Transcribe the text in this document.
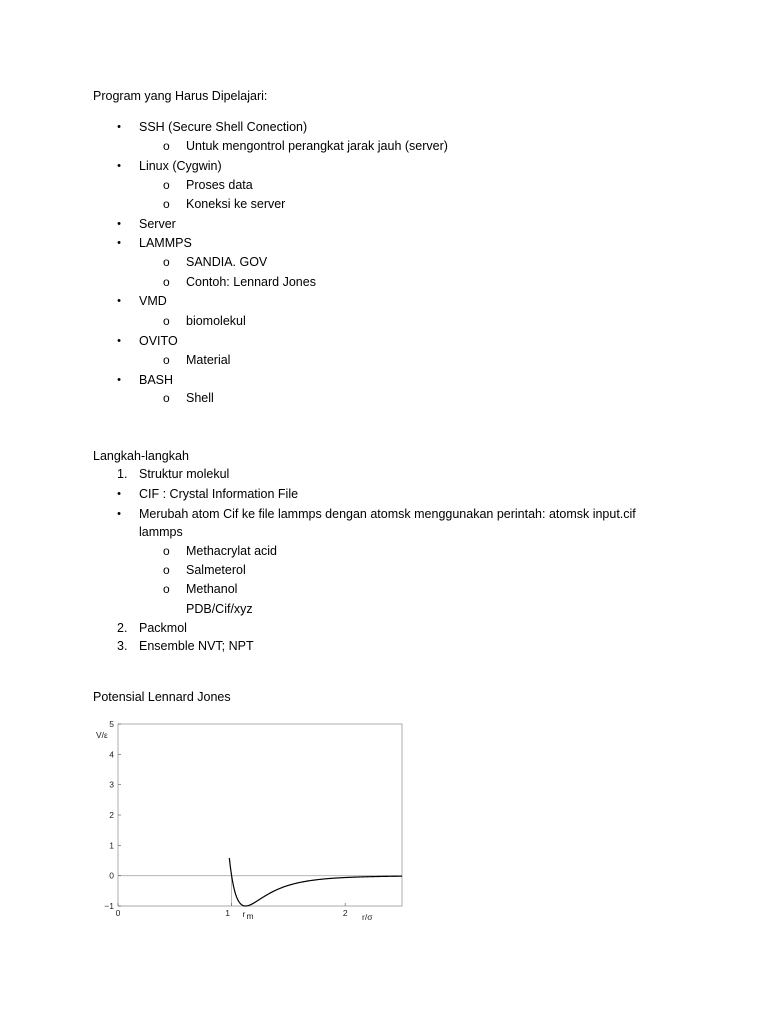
Program yang Harus Dipelajari:
•	SSH (Secure Shell Conection)
o Untuk mengontrol perangkat jarak jauh (server)
•	Linux (Cygwin)
o Proses data
o Koneksi ke server
•	Server
•	LAMMPS
o SANDIA. GOV
o Contoh: Lennard Jones
•	VMD
o biomolekul
•	OVITO
o Material
•	BASH
o Shell
Langkah-langkah
1. Struktur molekul
•	CIF : Crystal Information File
•	Merubah atom Cif ke file lammps dengan atomsk menggunakan perintah: atomsk input.cif
lammps
o Methacrylat acid
o Salmeterol
o Methanol
PDB/Cif/xyz
2. Packmol
3. Ensemble NVT; NPT
Potensial Lennard Jones
5
4
3
2
1
0
−1
0	1	2
r m
V/ε
r/σ
